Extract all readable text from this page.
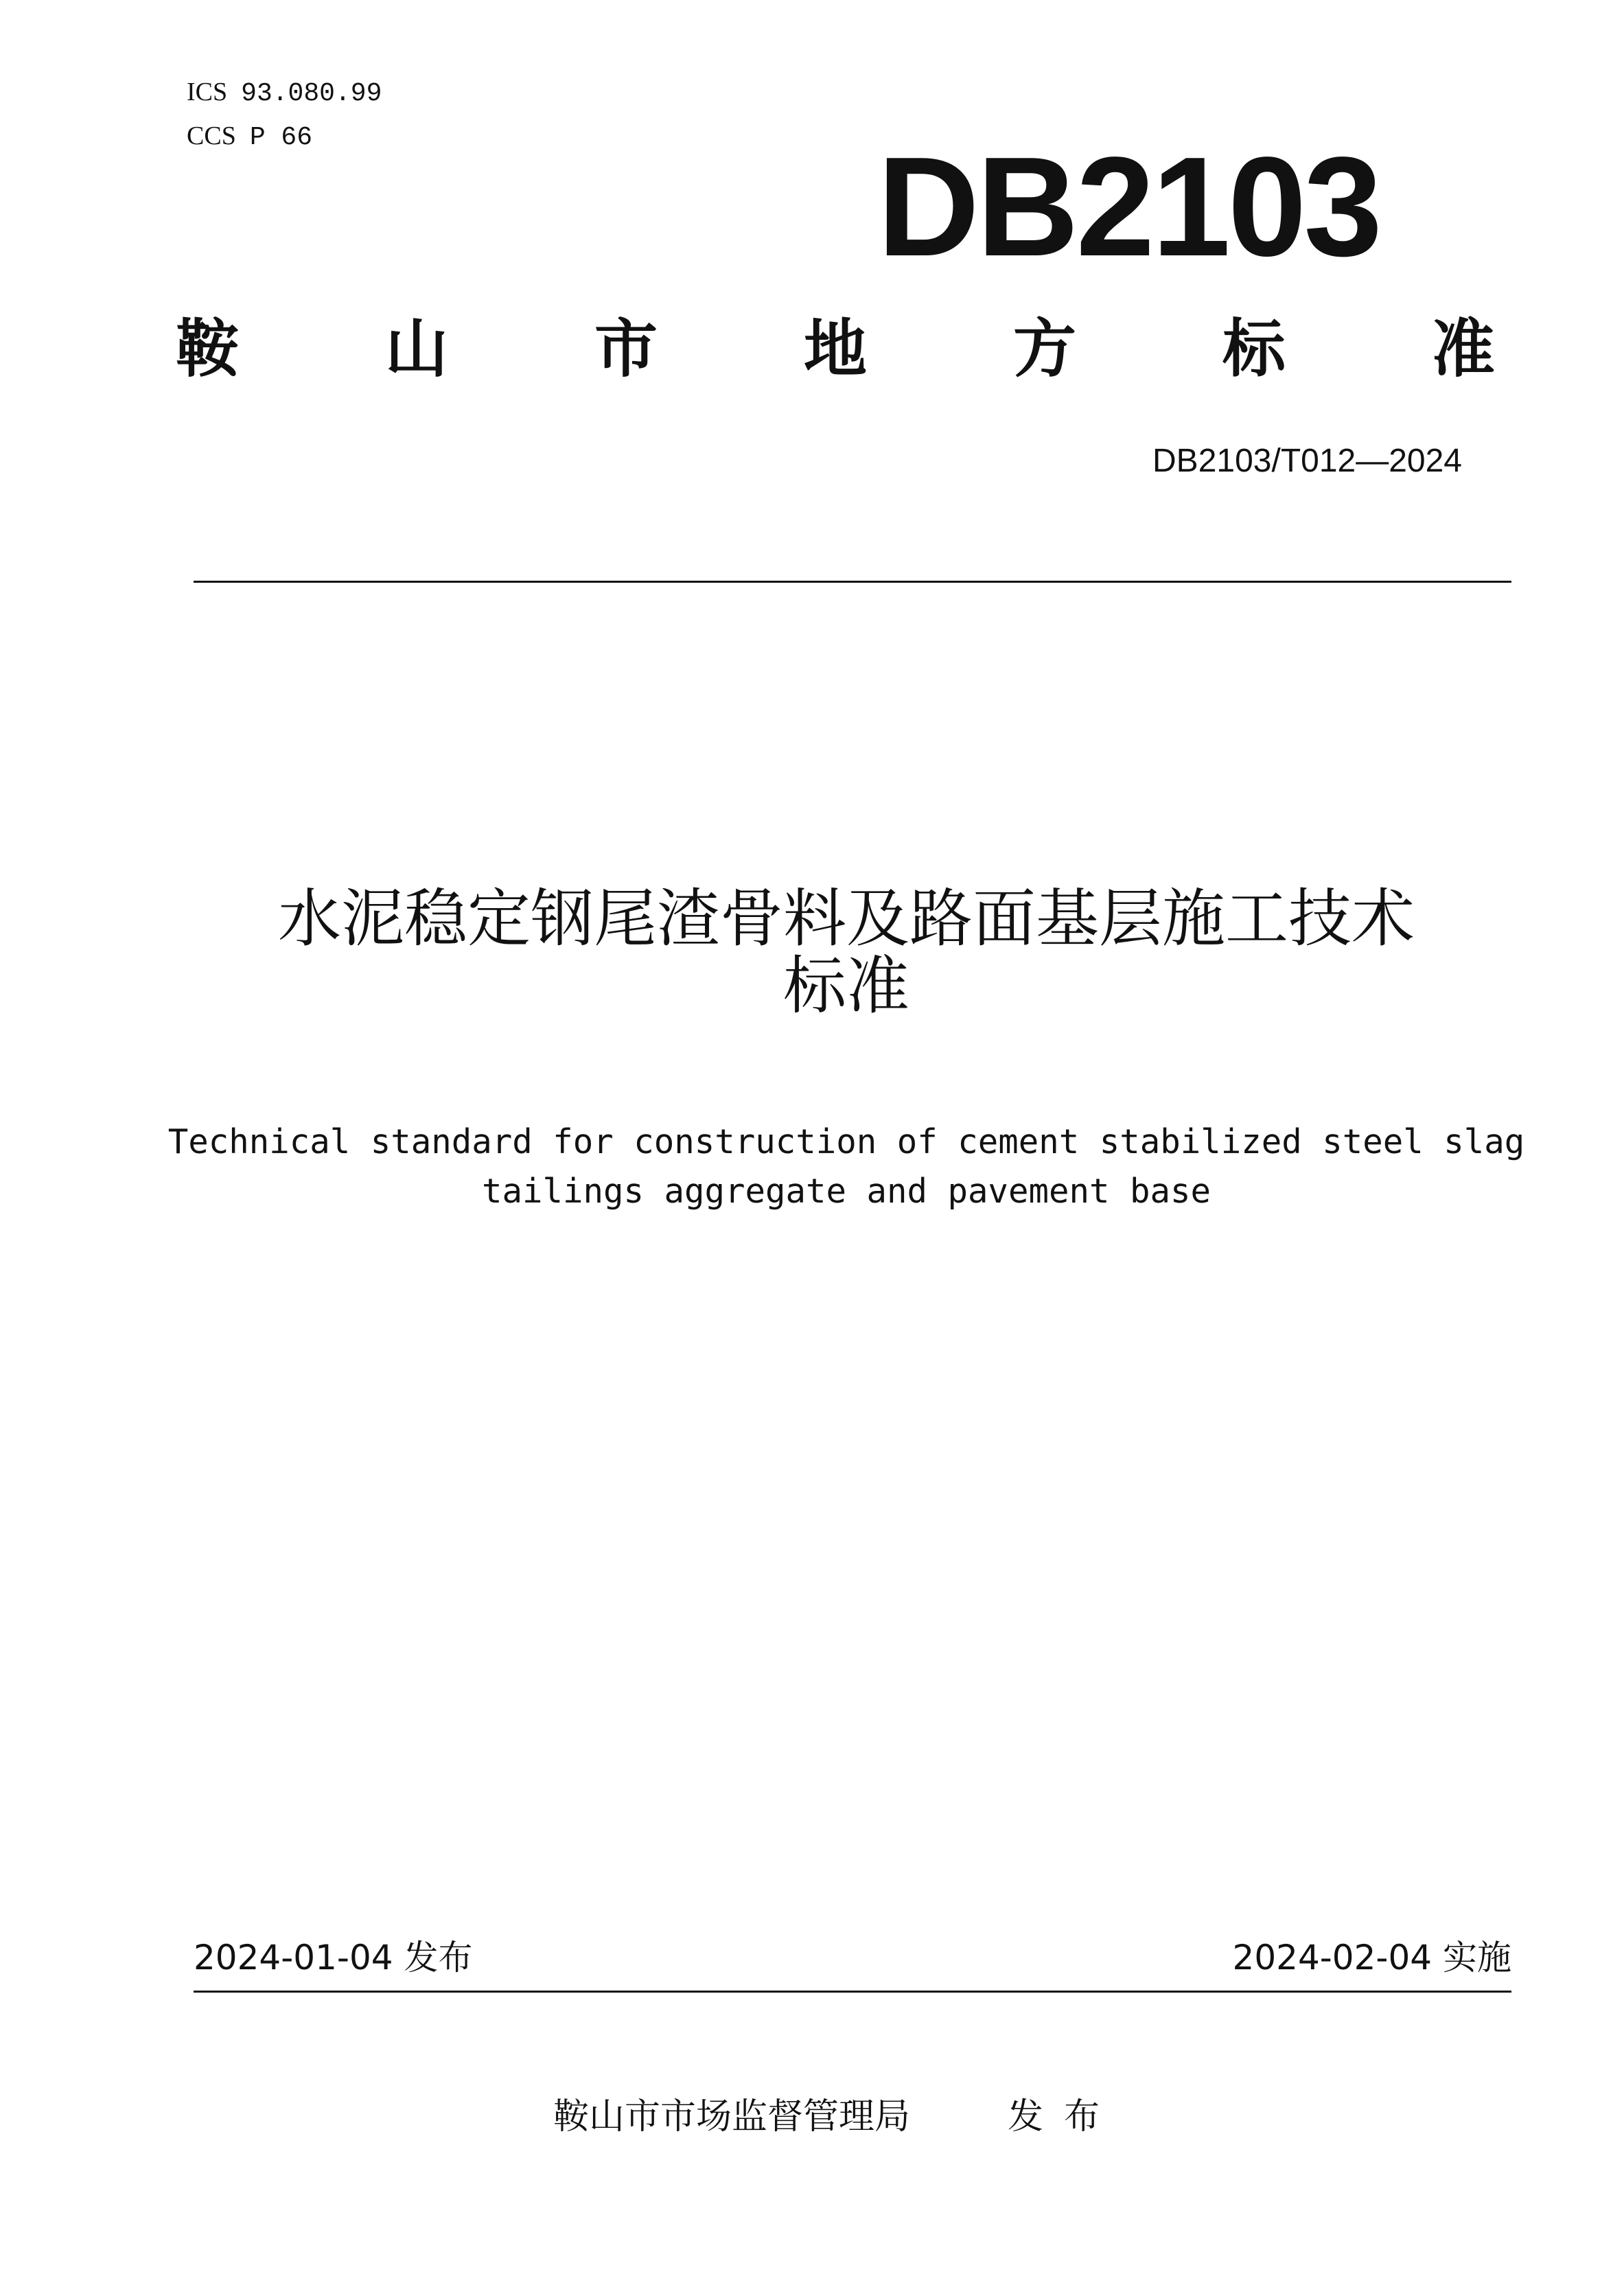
ICS 93.080.99
CCS P 66	DB2103
鞍 山 市 地 方 标 准
DB2103/T012—2024
水泥稳定钢尾渣骨料及路面基层施工技术
标准
Technical standard for construction of cement stabilized steel slag
tailings aggregate and pavement base
2024-01-04 发布	2024-02-04 实施
鞍山市市场监督管理局	发布
